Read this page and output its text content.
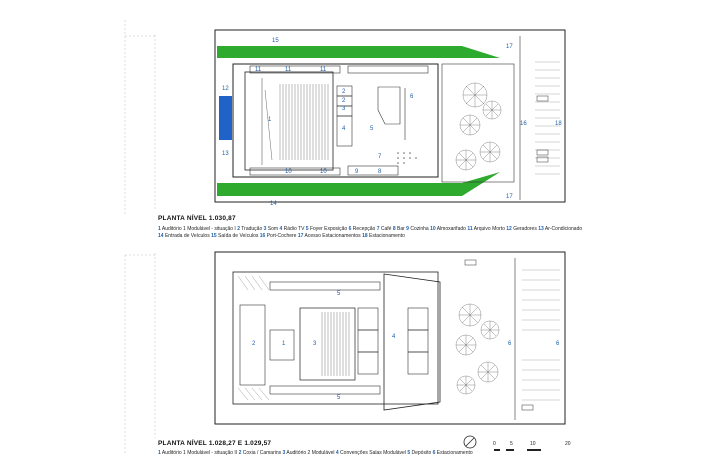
1
2
2
3
4	5
6
7
8
9
10	10
11	11	11
12
13
14
15
16
17
17
18
1
2	3
4
5
5
6	6
0	5	10	20
PLANTA NÍVEL 1.030,87
1 Auditório 1 Modulável - situação I 2 Tradução 3 Som 4 Rádio TV 5 Foyer Exposição 6 Recepção 7 Café 8 Bar 9 Cozinha 10 Almoxarifado 11 Arquivo Morto 12 Geradores 13 Ar-Condicionado
14 Entrada de Veículos 15 Saída de Veículos 16 Port-Cochere 17 Acesso Estacionamentos 18 Estacionamento
PLANTA NÍVEL 1.028,27 E 1.029,57
1 Auditório 1 Modulável - situação II 2 Coxia / Camarins 3 Auditório 2 Modulável 4 Convenções Salas Modulável 5 Depósito 6 Estacionamento
